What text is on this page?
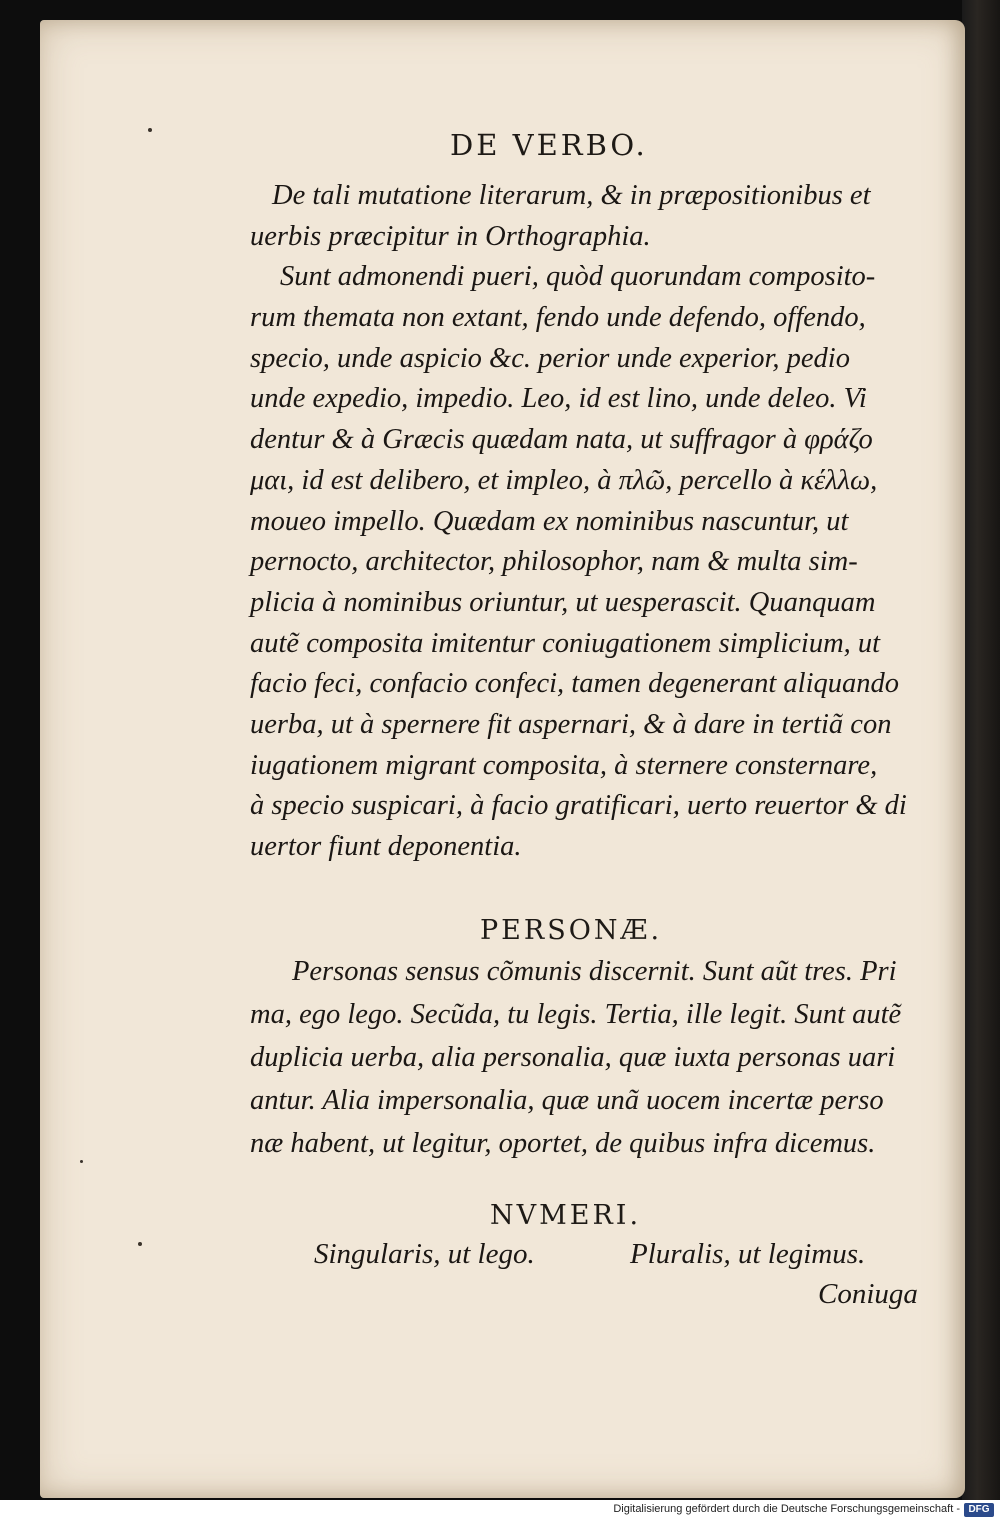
DE VERBO.
De tali mutatione literarum, & in præpositionibus et
uerbis præcipitur in Orthographia.
Sunt admonendi pueri, quòd quorundam composito-
rum themata non extant, fendo unde defendo, offendo,
specio, unde aspicio &c. perior unde experior, pedio
unde expedio, impedio. Leo, id est lino, unde deleo. Vi
dentur & à Græcis quædam nata, ut suffragor à φράζο
μαι, id est delibero, et impleo, à πλῶ, percello à κέλλω,
moueo impello. Quædam ex nominibus nascuntur, ut
pernocto, architector, philosophor, nam & multa sim-
plicia à nominibus oriuntur, ut uesperascit. Quanquam
autẽ composita imitentur coniugationem simplicium, ut
facio feci, confacio confeci, tamen degenerant aliquando
uerba, ut à spernere fit aspernari, & à dare in tertiã con
iugationem migrant composita, à sternere consternare,
à specio suspicari, à facio gratificari, uerto reuertor & di
uertor fiunt deponentia.
PERSONÆ.
Personas sensus cõmunis discernit. Sunt aũt tres. Pri
ma, ego lego. Secũda, tu legis. Tertia, ille legit. Sunt autẽ
duplicia uerba, alia personalia, quæ iuxta personas uari
antur. Alia impersonalia, quæ unã uocem incertæ perso
næ habent, ut legitur, oportet, de quibus infra dicemus.
NVMERI.
Singularis, ut lego.	Pluralis, ut legimus.
Coniuga
Digitalisierung gefördert durch die Deutsche Forschungsgemeinschaft - DFG
